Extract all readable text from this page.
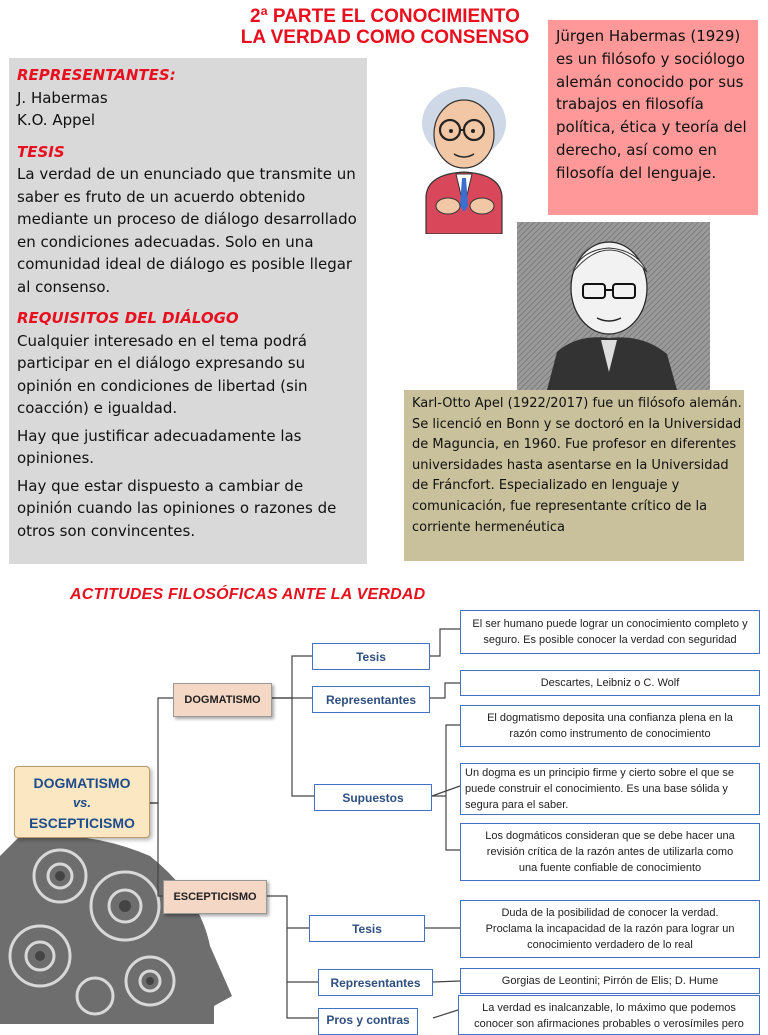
2ª PARTE EL CONOCIMIENTO
LA VERDAD COMO CONSENSO

REPRESENTANTES:

J. Habermas

K.O. Appel

TESIS

La verdad de un enunciado que transmite un saber es fruto de un acuerdo obtenido mediante un proceso de diálogo desarrollado en condiciones adecuadas. Solo en una comunidad ideal de diálogo es posible llegar al consenso.

REQUISITOS DEL DIÁLOGO

Cualquier interesado en el tema podrá participar en el diálogo expresando su opinión en condiciones de libertad (sin coacción) e igualdad.

Hay que justificar adecuadamente las opiniones.

Hay que estar dispuesto a cambiar de opinión cuando las opiniones o razones de otros son convincentes.

Jürgen Habermas (1929) es un filósofo y sociólogo alemán conocido por sus trabajos en filosofía política, ética y teoría del derecho, así como en filosofía del lenguaje.
Karl-Otto Apel (1922/2017) fue un filósofo alemán. Se licenció en Bonn y se doctoró en la Universidad de Maguncia, en 1960. Fue profesor en diferentes universidades hasta asentarse en la Universidad de Fráncfort. Especializado en lenguaje y comunicación, fue representante crítico de la corriente hermenéutica
ACTITUDES FILOSÓFICAS ANTE LA VERDAD
DOGMATISMO
vs.
ESCEPTICISMO
DOGMATISMO
Tesis
El ser humano puede lograr un conocimiento completo y seguro. Es posible conocer la verdad con seguridad
Representantes
Descartes, Leibniz o C. Wolf
Supuestos
El dogmatismo deposita una confianza plena en la razón como instrumento de conocimiento
Un dogma es un principio firme y cierto sobre el que se puede construir el conocimiento. Es una base sólida y segura para el saber.
Los dogmáticos consideran que se debe hacer una revisión crítica de la razón antes de utilizarla como una fuente confiable de conocimiento
ESCEPTICISMO
Tesis
Duda de la posibilidad de conocer la verdad. Proclama la incapacidad de la razón para lograr un conocimiento verdadero de lo real
Representantes	Gorgias de Leontini; Pirrón de Elis; D. Hume
Pros y contras
La verdad es inalcanzable, lo máximo que podemos conocer son afirmaciones probables o verosímiles pero
